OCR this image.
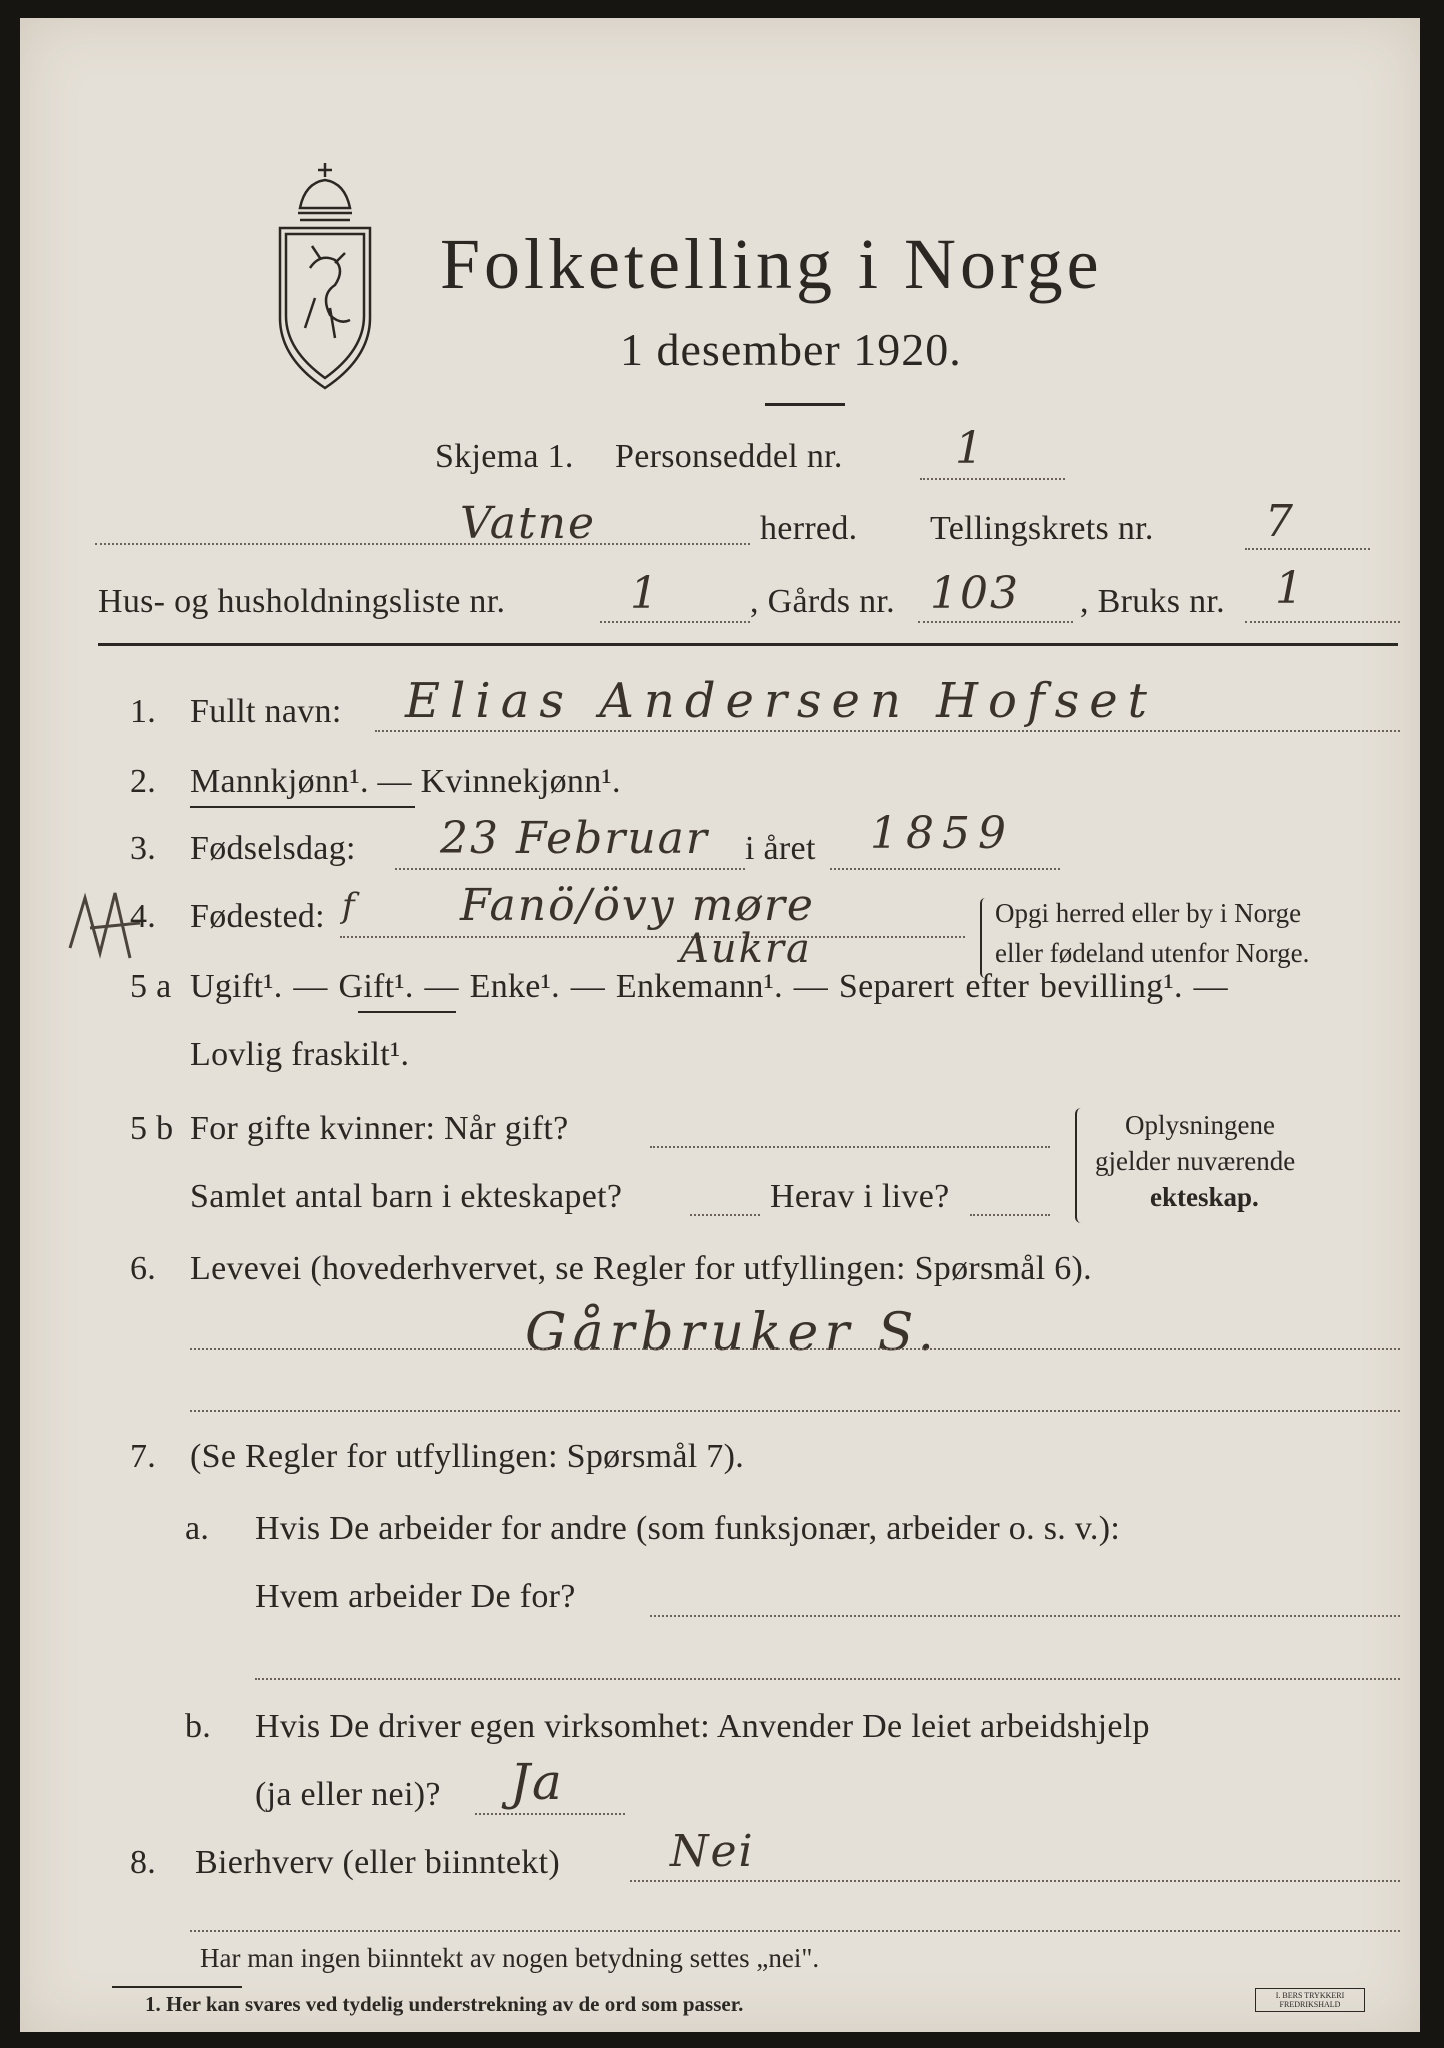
Folketelling i Norge
1 desember 1920.
Skjema 1. Personseddel nr.	1
Vatne	herred. Tellingskrets nr.	7
Hus- og husholdningsliste nr.	1	, Gårds nr. 103 , Bruks nr. 1
1. Fullt navn: Elias Andersen Hofset
2. Mannkjønn¹. — Kvinnekjønn¹.
3. Fødselsdag: 23 Februar i året 1859
4. Fødested: f Fanö/övy møre
Aukra
Opgi herred eller by i Norge
eller fødeland utenfor Norge.
5 a Ugift¹. — Gift¹. — Enke¹. — Enkemann¹. — Separert efter bevilling¹. —
Lovlig fraskilt¹.
5 b For gifte kvinner: Når gift?
Samlet antal barn i ekteskapet?	Herav i live?
Oplysningene
gjelder nuværende
ekteskap.
6. Levevei (hovederhvervet, se Regler for utfyllingen: Spørsmål 6).
Gårbruker S.
7. (Se Regler for utfyllingen: Spørsmål 7).
a. Hvis De arbeider for andre (som funksjonær, arbeider o. s. v.):
Hvem arbeider De for?
b. Hvis De driver egen virksomhet: Anvender De leiet arbeidshjelp
(ja eller nei)? Ja
8. Bierhverv (eller biinntekt)	Nei
Har man ingen biinntekt av nogen betydning settes „nei".
1. Her kan svares ved tydelig understrekning av de ord som passer.	I. BERS TRYKKERI FREDRIKSHALD
